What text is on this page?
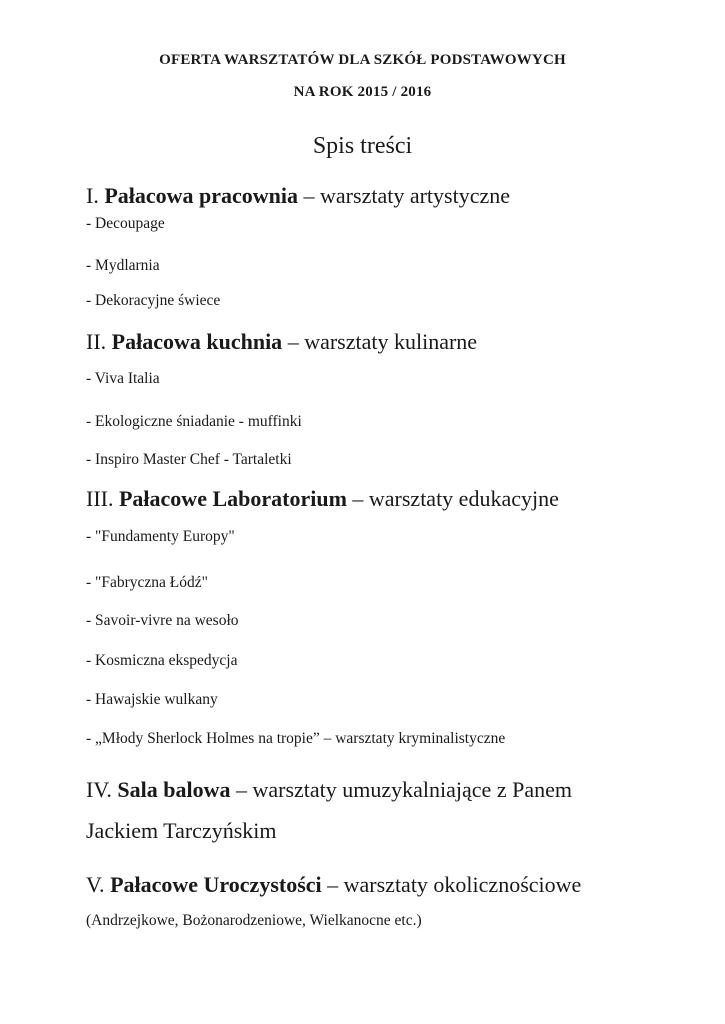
OFERTA WARSZTATÓW DLA SZKÓŁ PODSTAWOWYCH
NA ROK 2015 / 2016
Spis treści
I. Pałacowa pracownia – warsztaty artystyczne
- Decoupage
- Mydlarnia
- Dekoracyjne świece
II. Pałacowa kuchnia – warsztaty kulinarne
- Viva Italia
- Ekologiczne śniadanie - muffinki
- Inspiro Master Chef - Tartaletki
III. Pałacowe Laboratorium – warsztaty edukacyjne
- "Fundamenty Europy"
- "Fabryczna Łódź"
- Savoir-vivre na wesoło
- Kosmiczna ekspedycja
- Hawajskie wulkany
- „Młody Sherlock Holmes na tropie” – warsztaty kryminalistyczne
IV. Sala balowa – warsztaty umuzykalniające z Panem
Jackiem Tarczyńskim
V. Pałacowe Uroczystości – warsztaty okolicznościowe
(Andrzejkowe, Bożonarodzeniowe, Wielkanocne etc.)
